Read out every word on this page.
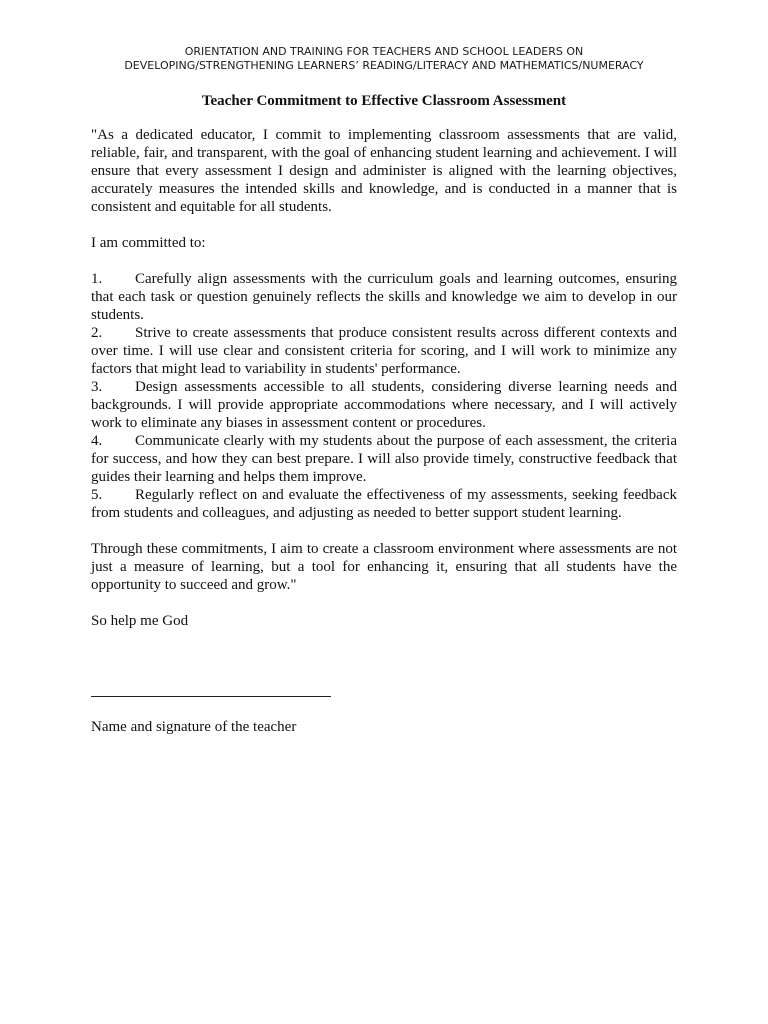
ORIENTATION AND TRAINING FOR TEACHERS AND SCHOOL LEADERS ON
DEVELOPING/STRENGTHENING LEARNERS’ READING/LITERACY AND MATHEMATICS/NUMERACY
Teacher Commitment to Effective Classroom Assessment
"As a dedicated educator, I commit to implementing classroom assessments that are valid, reliable, fair, and transparent, with the goal of enhancing student learning and achievement. I will ensure that every assessment I design and administer is aligned with the learning objectives, accurately measures the intended skills and knowledge, and is conducted in a manner that is consistent and equitable for all students.
I am committed to:
1. Carefully align assessments with the curriculum goals and learning outcomes, ensuring that each task or question genuinely reflects the skills and knowledge we aim to develop in our students.
2. Strive to create assessments that produce consistent results across different contexts and over time. I will use clear and consistent criteria for scoring, and I will work to minimize any factors that might lead to variability in students' performance.
3. Design assessments accessible to all students, considering diverse learning needs and backgrounds. I will provide appropriate accommodations where necessary, and I will actively work to eliminate any biases in assessment content or procedures.
4. Communicate clearly with my students about the purpose of each assessment, the criteria for success, and how they can best prepare. I will also provide timely, constructive feedback that guides their learning and helps them improve.
5. Regularly reflect on and evaluate the effectiveness of my assessments, seeking feedback from students and colleagues, and adjusting as needed to better support student learning.
Through these commitments, I aim to create a classroom environment where assessments are not just a measure of learning, but a tool for enhancing it, ensuring that all students have the opportunity to succeed and grow."
So help me God
Name and signature of the teacher
